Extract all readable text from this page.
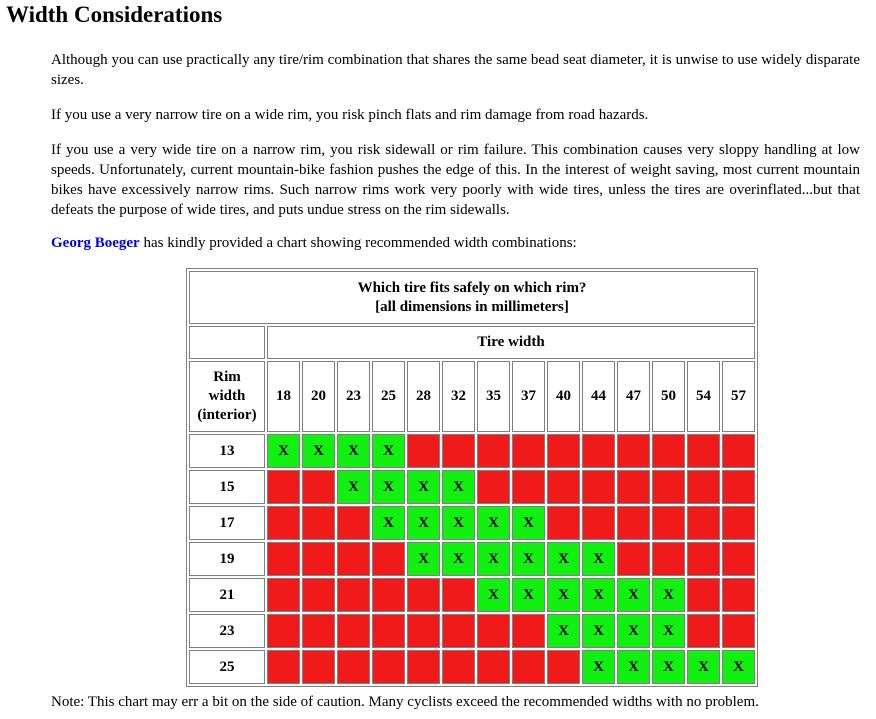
Width Considerations

Although you can use practically any tire/rim combination that shares the same bead seat diameter, it is unwise to use widely disparate sizes.

If you use a very narrow tire on a wide rim, you risk pinch flats and rim damage from road hazards.

If you use a very wide tire on a narrow rim, you risk sidewall or rim failure. This combination causes very sloppy handling at low speeds. Unfortunately, current mountain-bike fashion pushes the edge of this. In the interest of weight saving, most current mountain bikes have excessively narrow rims. Such narrow rims work very poorly with wide tires, unless the tires are overinflated...but that defeats the purpose of wide tires, and puts undue stress on the rim sidewalls.

Georg Boeger has kindly provided a chart showing recommended width combinations:

Which tire fits safely on which rim?
[all dimensions in millimeters]														
	Tire width													
Rim
width
(interior)	18	20	23	25	28	32	35	37	40	44	47	50	54	57
13	X	X	X	X										
15			X	X	X	X								
17				X	X	X	X	X						
19					X	X	X	X	X	X				
21							X	X	X	X	X	X		
23									X	X	X	X		
25										X	X	X	X	X

Note: This chart may err a bit on the side of caution. Many cyclists exceed the recommended widths with no problem.
